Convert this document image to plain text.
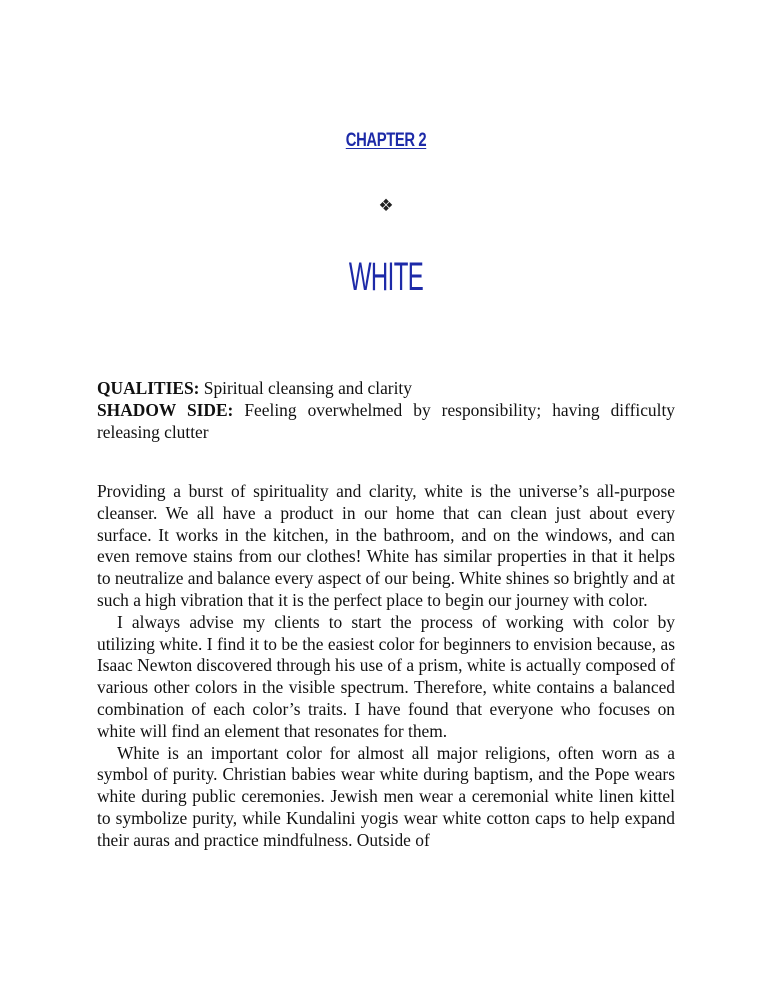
CHAPTER 2
❖
WHITE

QUALITIES: Spiritual cleansing and clarity

SHADOW SIDE: Feeling overwhelmed by responsibility; having difficulty releasing clutter

Providing a burst of spirituality and clarity, white is the universe’s all-purpose cleanser. We all have a product in our home that can clean just about every surface. It works in the kitchen, in the bathroom, and on the windows, and can even remove stains from our clothes! White has similar properties in that it helps to neutralize and balance every aspect of our being. White shines so brightly and at such a high vibration that it is the perfect place to begin our journey with color.

I always advise my clients to start the process of working with color by utilizing white. I find it to be the easiest color for beginners to envision because, as Isaac Newton discovered through his use of a prism, white is actually composed of various other colors in the visible spectrum. Therefore, white contains a balanced combination of each color’s traits. I have found that everyone who focuses on white will find an element that resonates for them.

White is an important color for almost all major religions, often worn as a symbol of purity. Christian babies wear white during baptism, and the Pope wears white during public ceremonies. Jewish men wear a ceremonial white linen kittel to symbolize purity, while Kundalini yogis wear white cotton caps to help expand their auras and practice mindfulness. Outside of
